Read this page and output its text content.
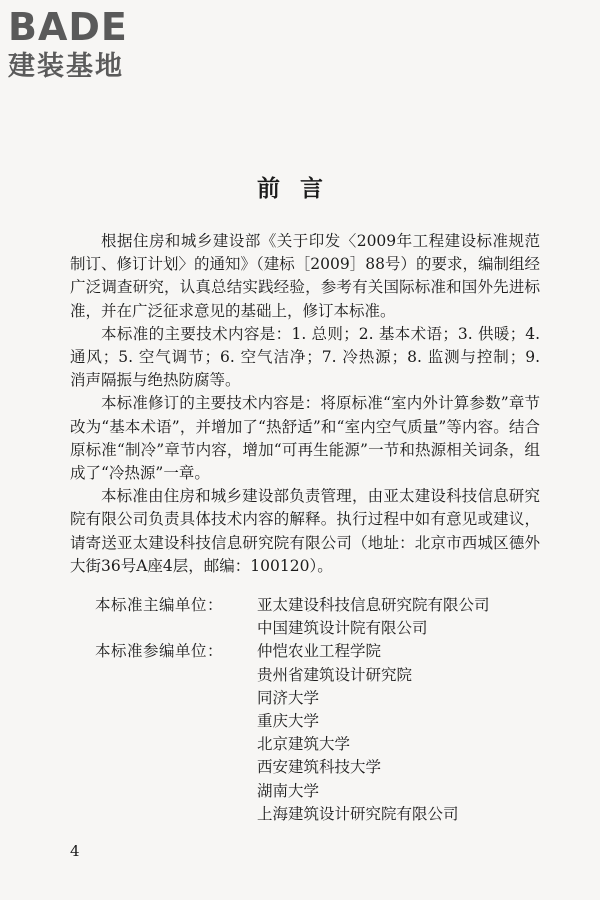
BADE
建装基地
前言

根据住房和城乡建设部《关于印发〈2009年工程建设标准规范制订、修订计划〉的通知》（建标［2009］88号）的要求，编制组经广泛调查研究，认真总结实践经验，参考有关国际标准和国外先进标准，并在广泛征求意见的基础上，修订本标准。

本标准的主要技术内容是：1. 总则；2. 基本术语；3. 供暖；4. 通风；5. 空气调节；6. 空气洁净；7. 冷热源；8. 监测与控制；9. 消声隔振与绝热防腐等。

本标准修订的主要技术内容是：将原标准“室内外计算参数”章节改为“基本术语”，并增加了“热舒适”和“室内空气质量”等内容。结合原标准“制冷”章节内容，增加“可再生能源”一节和热源相关词条，组成了“冷热源”一章。

本标准由住房和城乡建设部负责管理，由亚太建设科技信息研究院有限公司负责具体技术内容的解释。执行过程中如有意见或建议，请寄送亚太建设科技信息研究院有限公司（地址：北京市西城区德外大街36号A座4层，邮编：100120）。

本标准主编单位：	亚太建设科技信息研究院有限公司
中国建筑设计院有限公司
本标准参编单位：	仲恺农业工程学院
贵州省建筑设计研究院
同济大学
重庆大学
北京建筑大学
西安建筑科技大学
湖南大学
上海建筑设计研究院有限公司
4
